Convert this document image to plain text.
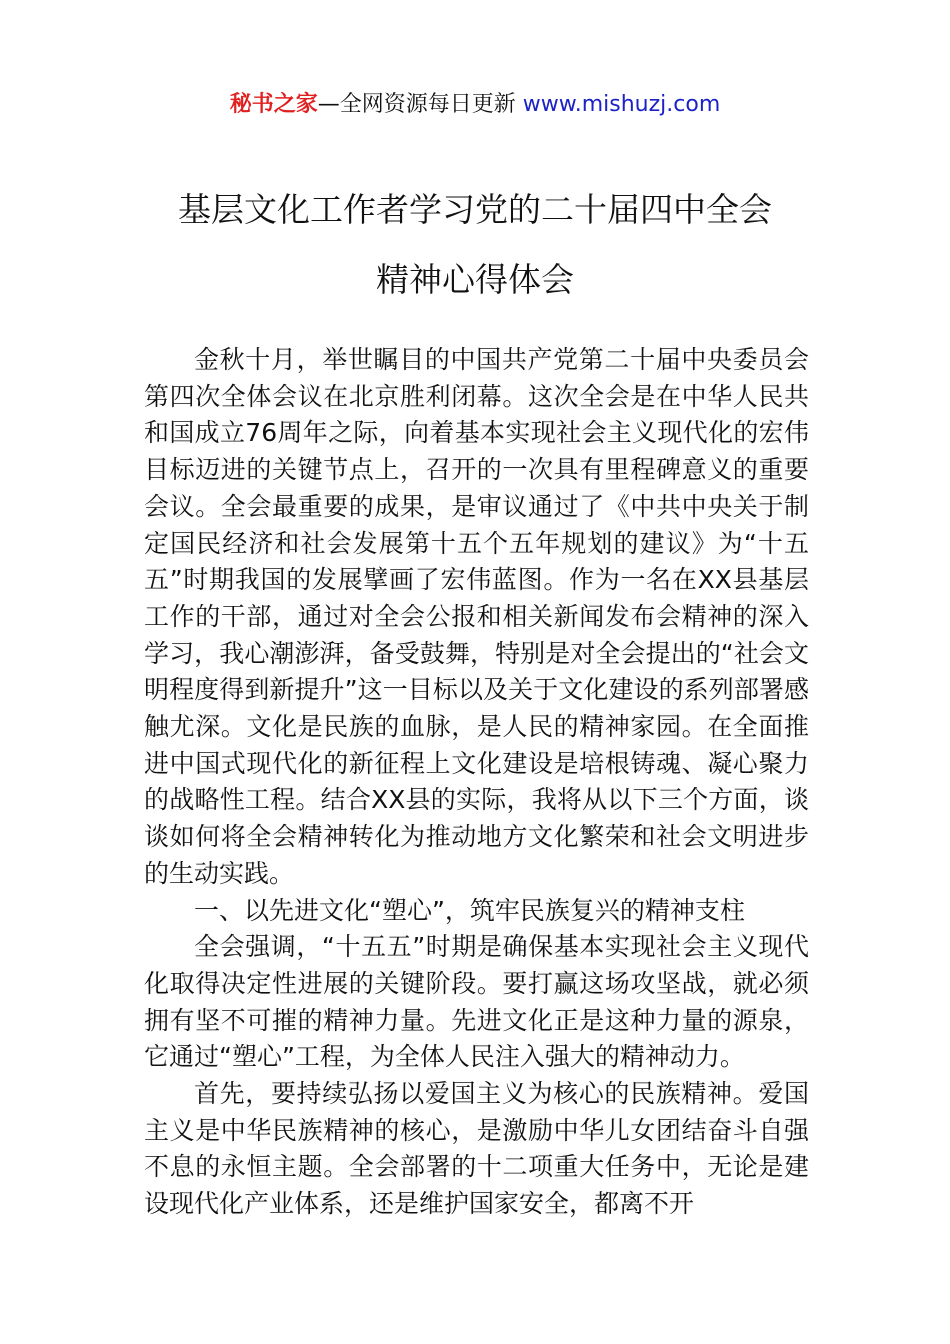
秘书之家—全网资源每日更新 www.mishuzj.com
基层文化工作者学习党的二十届四中全会
精神心得体会

金秋十月，举世瞩目的中国共产党第二十届中央委员会第四次全体会议在北京胜利闭幕。这次全会是在中华人民共和国成立76周年之际，向着基本实现社会主义现代化的宏伟目标迈进的关键节点上，召开的一次具有里程碑意义的重要会议。全会最重要的成果，是审议通过了《中共中央关于制定国民经济和社会发展第十五个五年规划的建议》为“十五五”时期我国的发展擘画了宏伟蓝图。作为一名在XX县基层工作的干部，通过对全会公报和相关新闻发布会精神的深入学习，我心潮澎湃，备受鼓舞，特别是对全会提出的“社会文明程度得到新提升”这一目标以及关于文化建设的系列部署感触尤深。文化是民族的血脉，是人民的精神家园。在全面推进中国式现代化的新征程上文化建设是培根铸魂、凝心聚力的战略性工程。结合XX县的实际，我将从以下三个方面，谈谈如何将全会精神转化为推动地方文化繁荣和社会文明进步的生动实践。

一、以先进文化“塑心”，筑牢民族复兴的精神支柱

全会强调，“十五五”时期是确保基本实现社会主义现代化取得决定性进展的关键阶段。要打赢这场攻坚战，就必须拥有坚不可摧的精神力量。先进文化正是这种力量的源泉，它通过“塑心”工程，为全体人民注入强大的精神动力。

首先，要持续弘扬以爱国主义为核心的民族精神。爱国主义是中华民族精神的核心，是激励中华儿女团结奋斗自强不息的永恒主题。全会部署的十二项重大任务中，无论是建设现代化产业体系，还是维护国家安全，都离不开
